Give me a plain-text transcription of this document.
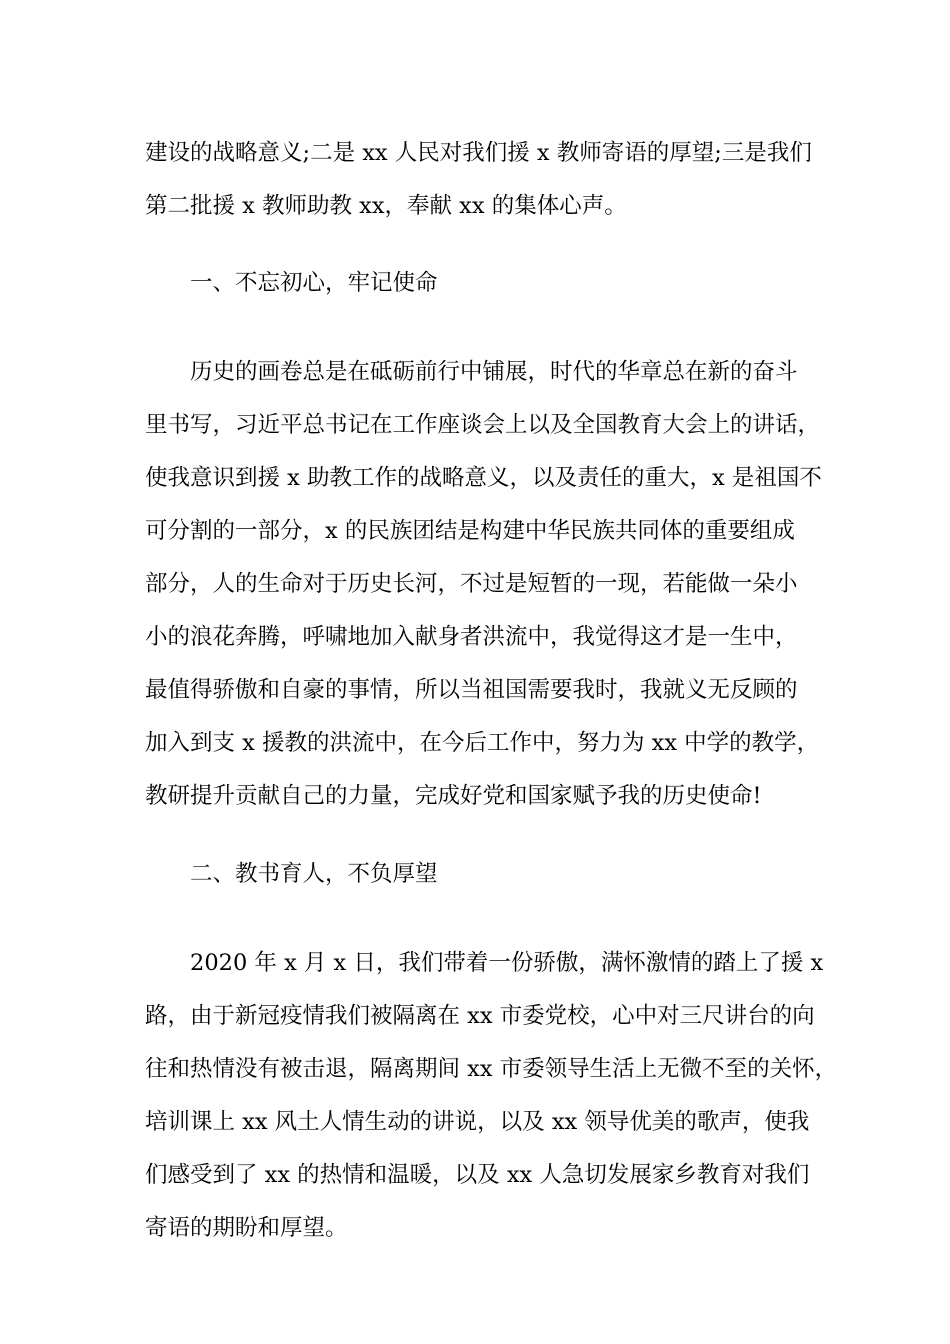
建设的战略意义;二是 xx 人民对我们援 x 教师寄语的厚望;三是我们
第二批援 x 教师助教 xx，奉献 xx 的集体心声。
一、不忘初心，牢记使命
历史的画卷总是在砥砺前行中铺展，时代的华章总在新的奋斗
里书写，习近平总书记在工作座谈会上以及全国教育大会上的讲话，
使我意识到援 x 助教工作的战略意义，以及责任的重大，x 是祖国不
可分割的一部分，x 的民族团结是构建中华民族共同体的重要组成
部分，人的生命对于历史长河，不过是短暂的一现，若能做一朵小
小的浪花奔腾，呼啸地加入献身者洪流中，我觉得这才是一生中，
最值得骄傲和自豪的事情，所以当祖国需要我时，我就义无反顾的
加入到支 x 援教的洪流中，在今后工作中，努力为 xx 中学的教学，
教研提升贡献自己的力量，完成好党和国家赋予我的历史使命!
二、教书育人，不负厚望
2020 年 x 月 x 日，我们带着一份骄傲，满怀激情的踏上了援 x
路，由于新冠疫情我们被隔离在 xx 市委党校，心中对三尺讲台的向
往和热情没有被击退，隔离期间 xx 市委领导生活上无微不至的关怀，
培训课上 xx 风土人情生动的讲说，以及 xx 领导优美的歌声，使我
们感受到了 xx 的热情和温暖，以及 xx 人急切发展家乡教育对我们
寄语的期盼和厚望。
